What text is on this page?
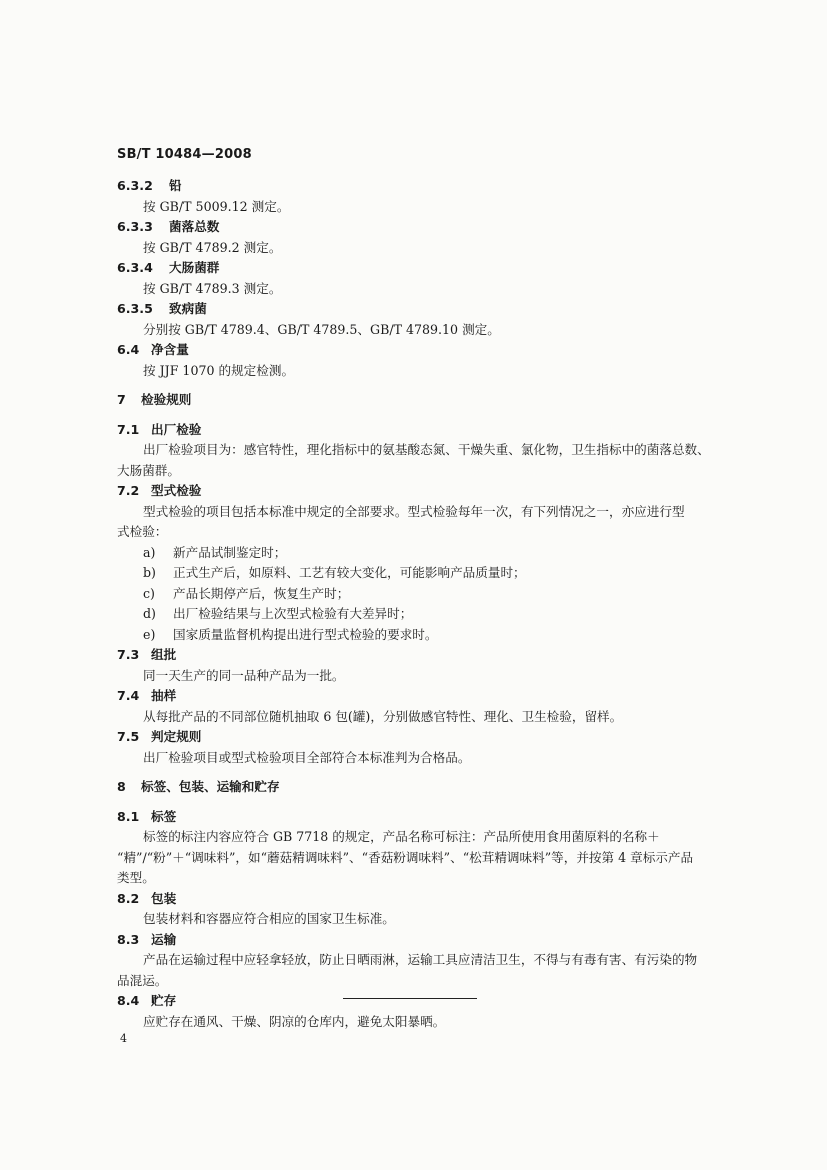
SB/T 10484—2008
6.3.2 铅
按 GB/T 5009.12 测定。
6.3.3 菌落总数
按 GB/T 4789.2 测定。
6.3.4 大肠菌群
按 GB/T 4789.3 测定。
6.3.5 致病菌
分别按 GB/T 4789.4、GB/T 4789.5、GB/T 4789.10 测定。
6.4 净含量
按 JJF 1070 的规定检测。
7 检验规则
7.1 出厂检验
出厂检验项目为：感官特性，理化指标中的氨基酸态氮、干燥失重、氯化物，卫生指标中的菌落总数、
大肠菌群。
7.2 型式检验
型式检验的项目包括本标准中规定的全部要求。型式检验每年一次，有下列情况之一，亦应进行型
式检验：
a) 新产品试制鉴定时；
b) 正式生产后，如原料、工艺有较大变化，可能影响产品质量时；
c) 产品长期停产后，恢复生产时；
d) 出厂检验结果与上次型式检验有大差异时；
e) 国家质量监督机构提出进行型式检验的要求时。
7.3 组批
同一天生产的同一品种产品为一批。
7.4 抽样
从每批产品的不同部位随机抽取 6 包(罐)，分别做感官特性、理化、卫生检验，留样。
7.5 判定规则
出厂检验项目或型式检验项目全部符合本标准判为合格品。
8 标签、包装、运输和贮存
8.1 标签
标签的标注内容应符合 GB 7718 的规定，产品名称可标注：产品所使用食用菌原料的名称＋
“精”/“粉”＋“调味料”，如“蘑菇精调味料”、“香菇粉调味料”、“松茸精调味料”等，并按第 4 章标示产品
类型。
8.2 包装
包装材料和容器应符合相应的国家卫生标准。
8.3 运输
产品在运输过程中应轻拿轻放，防止日晒雨淋，运输工具应清洁卫生，不得与有毒有害、有污染的物
品混运。
8.4 贮存
应贮存在通风、干燥、阴凉的仓库内，避免太阳暴晒。
4
